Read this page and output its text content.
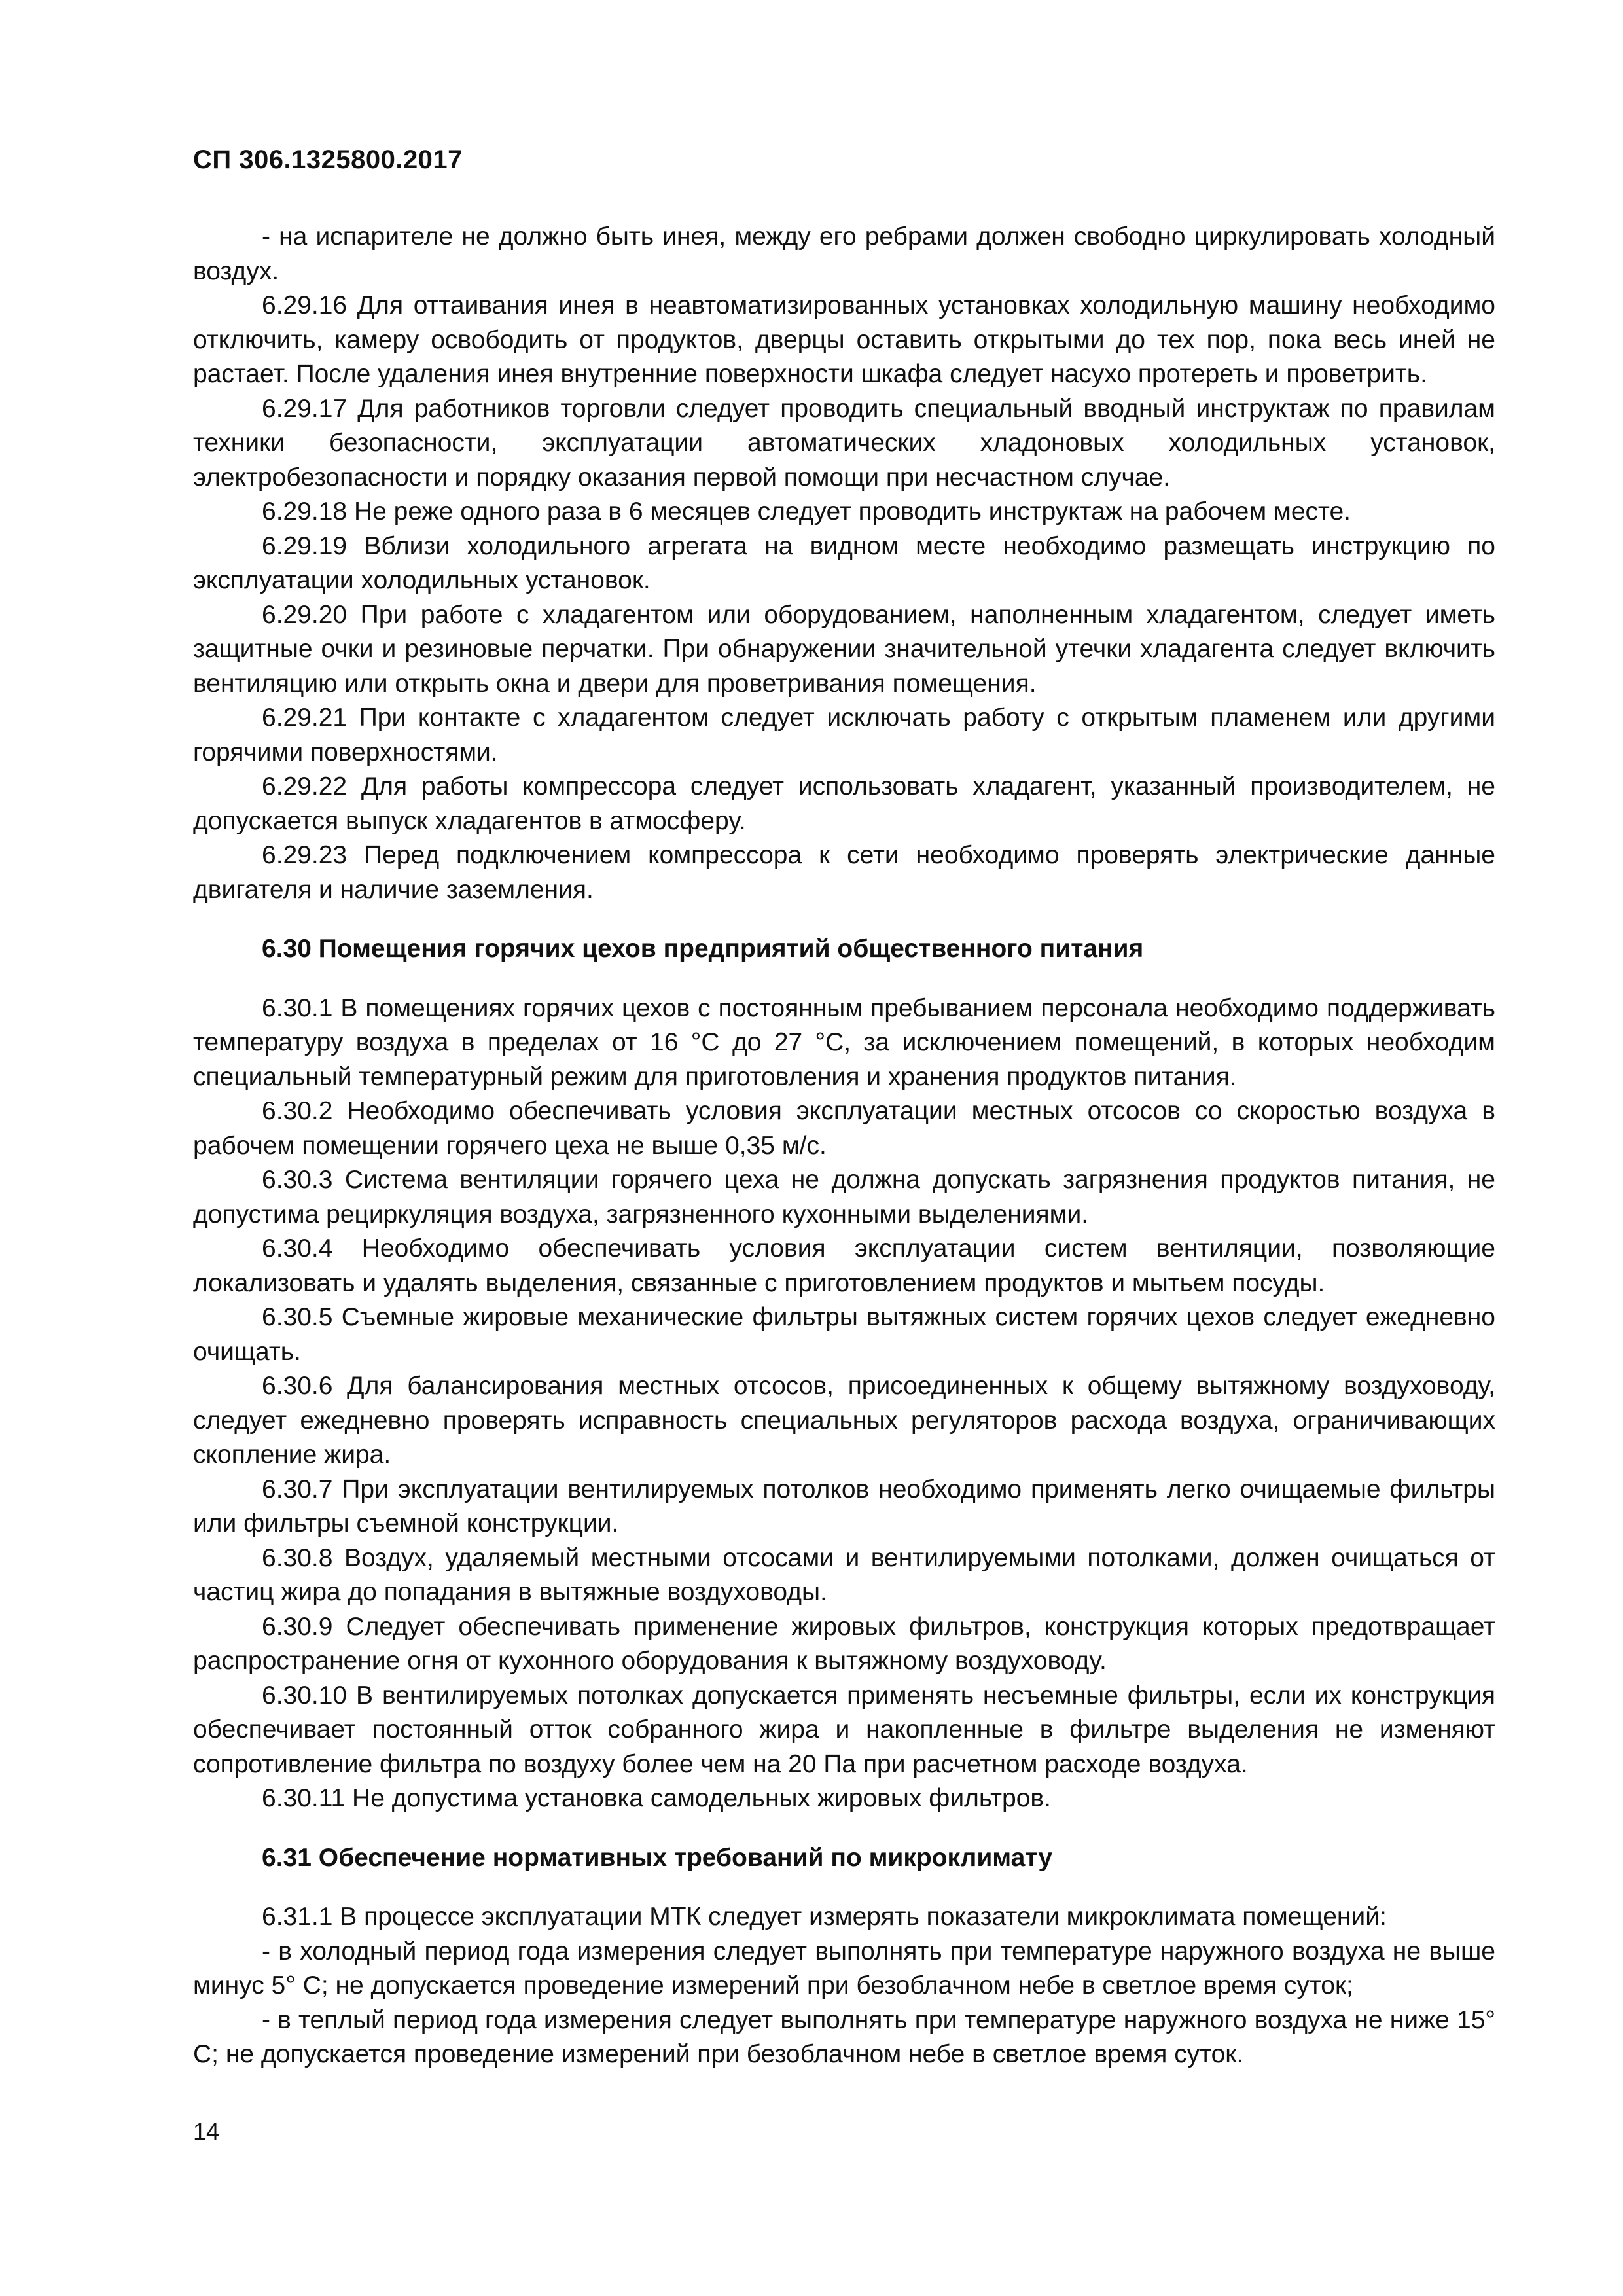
СП 306.1325800.2017

- на испарителе не должно быть инея, между его ребрами должен свободно циркулировать холодный воздух.

6.29.16 Для оттаивания инея в неавтоматизированных установках холодильную машину необходимо отключить, камеру освободить от продуктов, дверцы оставить открытыми до тех пор, пока весь иней не растает. После удаления инея внутренние поверхности шкафа следует насухо протереть и проветрить.

6.29.17 Для работников торговли следует проводить специальный вводный инструктаж по правилам техники безопасности, эксплуатации автоматических хладоновых холодильных установок, электробезопасности и порядку оказания первой помощи при несчастном случае.

6.29.18 Не реже одного раза в 6 месяцев следует проводить инструктаж на рабочем месте.

6.29.19 Вблизи холодильного агрегата на видном месте необходимо размещать инструкцию по эксплуатации холодильных установок.

6.29.20 При работе с хладагентом или оборудованием, наполненным хладагентом, следует иметь защитные очки и резиновые перчатки. При обнаружении значительной утечки хладагента следует включить вентиляцию или открыть окна и двери для проветривания помещения.

6.29.21 При контакте с хладагентом следует исключать работу с открытым пламенем или другими горячими поверхностями.

6.29.22 Для работы компрессора следует использовать хладагент, указанный производителем, не допускается выпуск хладагентов в атмосферу.

6.29.23 Перед подключением компрессора к сети необходимо проверять электрические данные двигателя и наличие заземления.

6.30 Помещения горячих цехов предприятий общественного питания

6.30.1 В помещениях горячих цехов с постоянным пребыванием персонала необходимо поддерживать температуру воздуха в пределах от 16 °С до 27 °С, за исключением помещений, в которых необходим специальный температурный режим для приготовления и хранения продуктов питания.

6.30.2 Необходимо обеспечивать условия эксплуатации местных отсосов со скоростью воздуха в рабочем помещении горячего цеха не выше 0,35 м/с.

6.30.3 Система вентиляции горячего цеха не должна допускать загрязнения продуктов питания, не допустима рециркуляция воздуха, загрязненного кухонными выделениями.

6.30.4 Необходимо обеспечивать условия эксплуатации систем вентиляции, позволяющие локализовать и удалять выделения, связанные с приготовлением продуктов и мытьем посуды.

6.30.5 Съемные жировые механические фильтры вытяжных систем горячих цехов следует ежедневно очищать.

6.30.6 Для балансирования местных отсосов, присоединенных к общему вытяжному воздуховоду, следует ежедневно проверять исправность специальных регуляторов расхода воздуха, ограничивающих скопление жира.

6.30.7 При эксплуатации вентилируемых потолков необходимо применять легко очищаемые фильтры или фильтры съемной конструкции.

6.30.8 Воздух, удаляемый местными отсосами и вентилируемыми потолками, должен очищаться от частиц жира до попадания в вытяжные воздуховоды.

6.30.9 Следует обеспечивать применение жировых фильтров, конструкция которых предотвращает распространение огня от кухонного оборудования к вытяжному воздуховоду.

6.30.10 В вентилируемых потолках допускается применять несъемные фильтры, если их конструкция обеспечивает постоянный отток собранного жира и накопленные в фильтре выделения не изменяют сопротивление фильтра по воздуху более чем на 20 Па при расчетном расходе воздуха.

6.30.11 Не допустима установка самодельных жировых фильтров.

6.31 Обеспечение нормативных требований по микроклимату

6.31.1 В процессе эксплуатации МТК следует измерять показатели микроклимата помещений:

- в холодный период года измерения следует выполнять при температуре наружного воздуха не выше минус 5° С; не допускается проведение измерений при безоблачном небе в светлое время суток;

- в теплый период года измерения следует выполнять при температуре наружного воздуха не ниже 15° С; не допускается проведение измерений при безоблачном небе в светлое время суток.

14
